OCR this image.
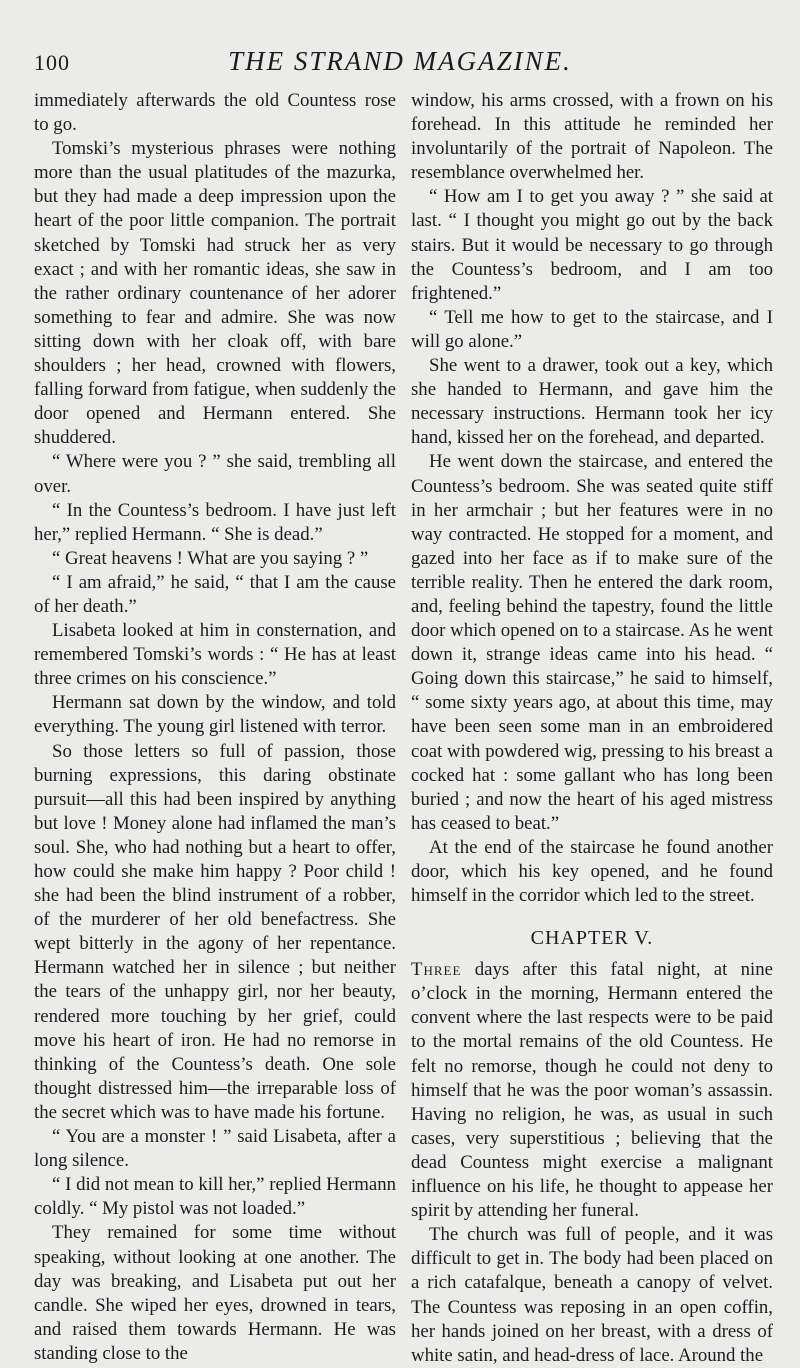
100	THE STRAND MAGAZINE.

immediately afterwards the old Countess rose to go.

Tomski’s mysterious phrases were nothing more than the usual platitudes of the mazurka, but they had made a deep impression upon the heart of the poor little companion. The portrait sketched by Tomski had struck her as very exact ; and with her romantic ideas, she saw in the rather ordinary countenance of her adorer something to fear and admire. She was now sitting down with her cloak off, with bare shoulders ; her head, crowned with flowers, falling forward from fatigue, when suddenly the door opened and Hermann entered. She shuddered.

“ Where were you ? ” she said, trembling all over.

“ In the Countess’s bedroom. I have just left her,” replied Hermann. “ She is dead.”

“ Great heavens ! What are you saying ? ”

“ I am afraid,” he said, “ that I am the cause of her death.”

Lisabeta looked at him in consternation, and remembered Tomski’s words : “ He has at least three crimes on his conscience.”

Hermann sat down by the window, and told everything. The young girl listened with terror.

So those letters so full of passion, those burning expressions, this daring obstinate pursuit—all this had been inspired by anything but love ! Money alone had inflamed the man’s soul. She, who had nothing but a heart to offer, how could she make him happy ? Poor child ! she had been the blind instrument of a robber, of the murderer of her old benefactress. She wept bitterly in the agony of her repentance. Hermann watched her in silence ; but neither the tears of the unhappy girl, nor her beauty, rendered more touching by her grief, could move his heart of iron. He had no remorse in thinking of the Countess’s death. One sole thought distressed him—the irreparable loss of the secret which was to have made his fortune.

“ You are a monster ! ” said Lisabeta, after a long silence.

“ I did not mean to kill her,” replied Hermann coldly. “ My pistol was not loaded.”

They remained for some time without speaking, without looking at one another. The day was breaking, and Lisabeta put out her candle. She wiped her eyes, drowned in tears, and raised them towards Hermann. He was standing close to the

window, his arms crossed, with a frown on his forehead. In this attitude he reminded her involuntarily of the portrait of Napoleon. The resemblance overwhelmed her.

“ How am I to get you away ? ” she said at last. “ I thought you might go out by the back stairs. But it would be necessary to go through the Countess’s bedroom, and I am too frightened.”

“ Tell me how to get to the staircase, and I will go alone.”

She went to a drawer, took out a key, which she handed to Hermann, and gave him the necessary instructions. Hermann took her icy hand, kissed her on the forehead, and departed.

He went down the staircase, and entered the Countess’s bedroom. She was seated quite stiff in her armchair ; but her features were in no way contracted. He stopped for a moment, and gazed into her face as if to make sure of the terrible reality. Then he entered the dark room, and, feeling behind the tapestry, found the little door which opened on to a staircase. As he went down it, strange ideas came into his head. “ Going down this staircase,” he said to himself, “ some sixty years ago, at about this time, may have been seen some man in an embroidered coat with powdered wig, pressing to his breast a cocked hat : some gallant who has long been buried ; and now the heart of his aged mistress has ceased to beat.”

At the end of the staircase he found another door, which his key opened, and he found himself in the corridor which led to the street.

CHAPTER V.

Three days after this fatal night, at nine o’clock in the morning, Hermann entered the convent where the last respects were to be paid to the mortal remains of the old Countess. He felt no remorse, though he could not deny to himself that he was the poor woman’s assassin. Having no religion, he was, as usual in such cases, very superstitious ; believing that the dead Countess might exercise a malignant influence on his life, he thought to appease her spirit by attending her funeral.

The church was full of people, and it was difficult to get in. The body had been placed on a rich catafalque, beneath a canopy of velvet. The Countess was reposing in an open coffin, her hands joined on her breast, with a dress of white satin, and head-dress of lace. Around the
